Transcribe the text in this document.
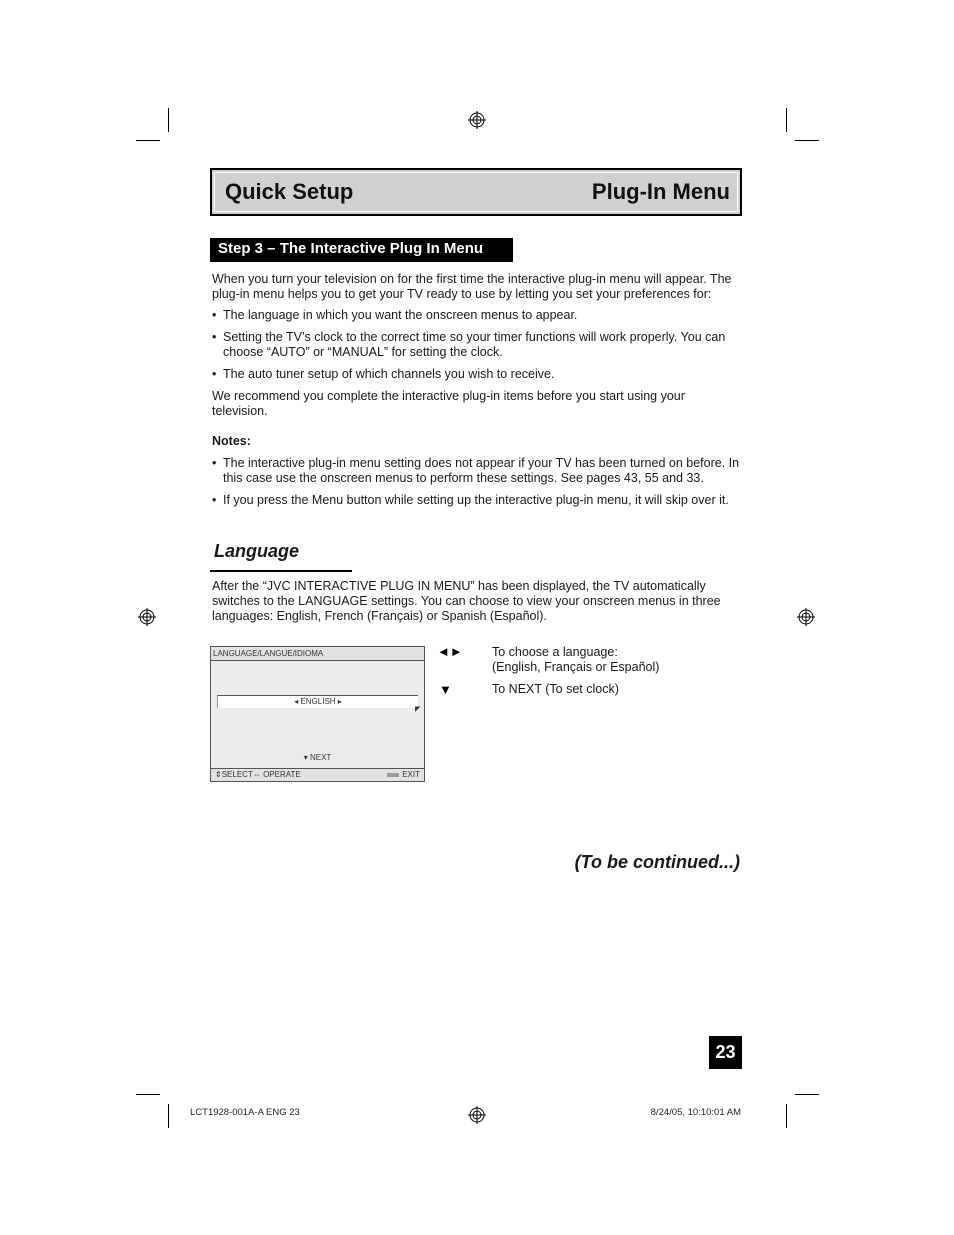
Quick Setup	Plug-In Menu
Step 3 – The Interactive Plug In Menu
When you turn your television on for the first time the interactive plug-in menu will appear. The plug-in menu helps you to get your TV ready to use by letting you set your preferences for:
• The language in which you want the onscreen menus to appear.
• Setting the TV’s clock to the correct time so your timer functions will work properly. You can choose “AUTO” or “MANUAL” for setting the clock.
• The auto tuner setup of which channels you wish to receive.
We recommend you complete the interactive plug-in items before you start using your television.
Notes:
• The interactive plug-in menu setting does not appear if your TV has been turned on before. In this case use the onscreen menus to perform these settings. See pages 43, 55 and 33.
• If you press the Menu button while setting up the interactive plug-in menu, it will skip over it.
Language
After the “JVC INTERACTIVE PLUG IN MENU” has been displayed, the TV automatically switches to the LANGUAGE settings. You can choose to view your onscreen menus in three languages: English, French (Français) or Spanish (Español).
LANGUAGE/LANGUE/IDIOMA
◂ ENGLISH ▸
◤
▾ NEXT
⇕SELECT⇔ OPERATE	EXIT
◄► To choose a language:
(English, Français or Español)
▼	To NEXT (To set clock)
(To be continued...)
23
LCT1928-001A-A ENG 23	8/24/05, 10:10:01 AM
